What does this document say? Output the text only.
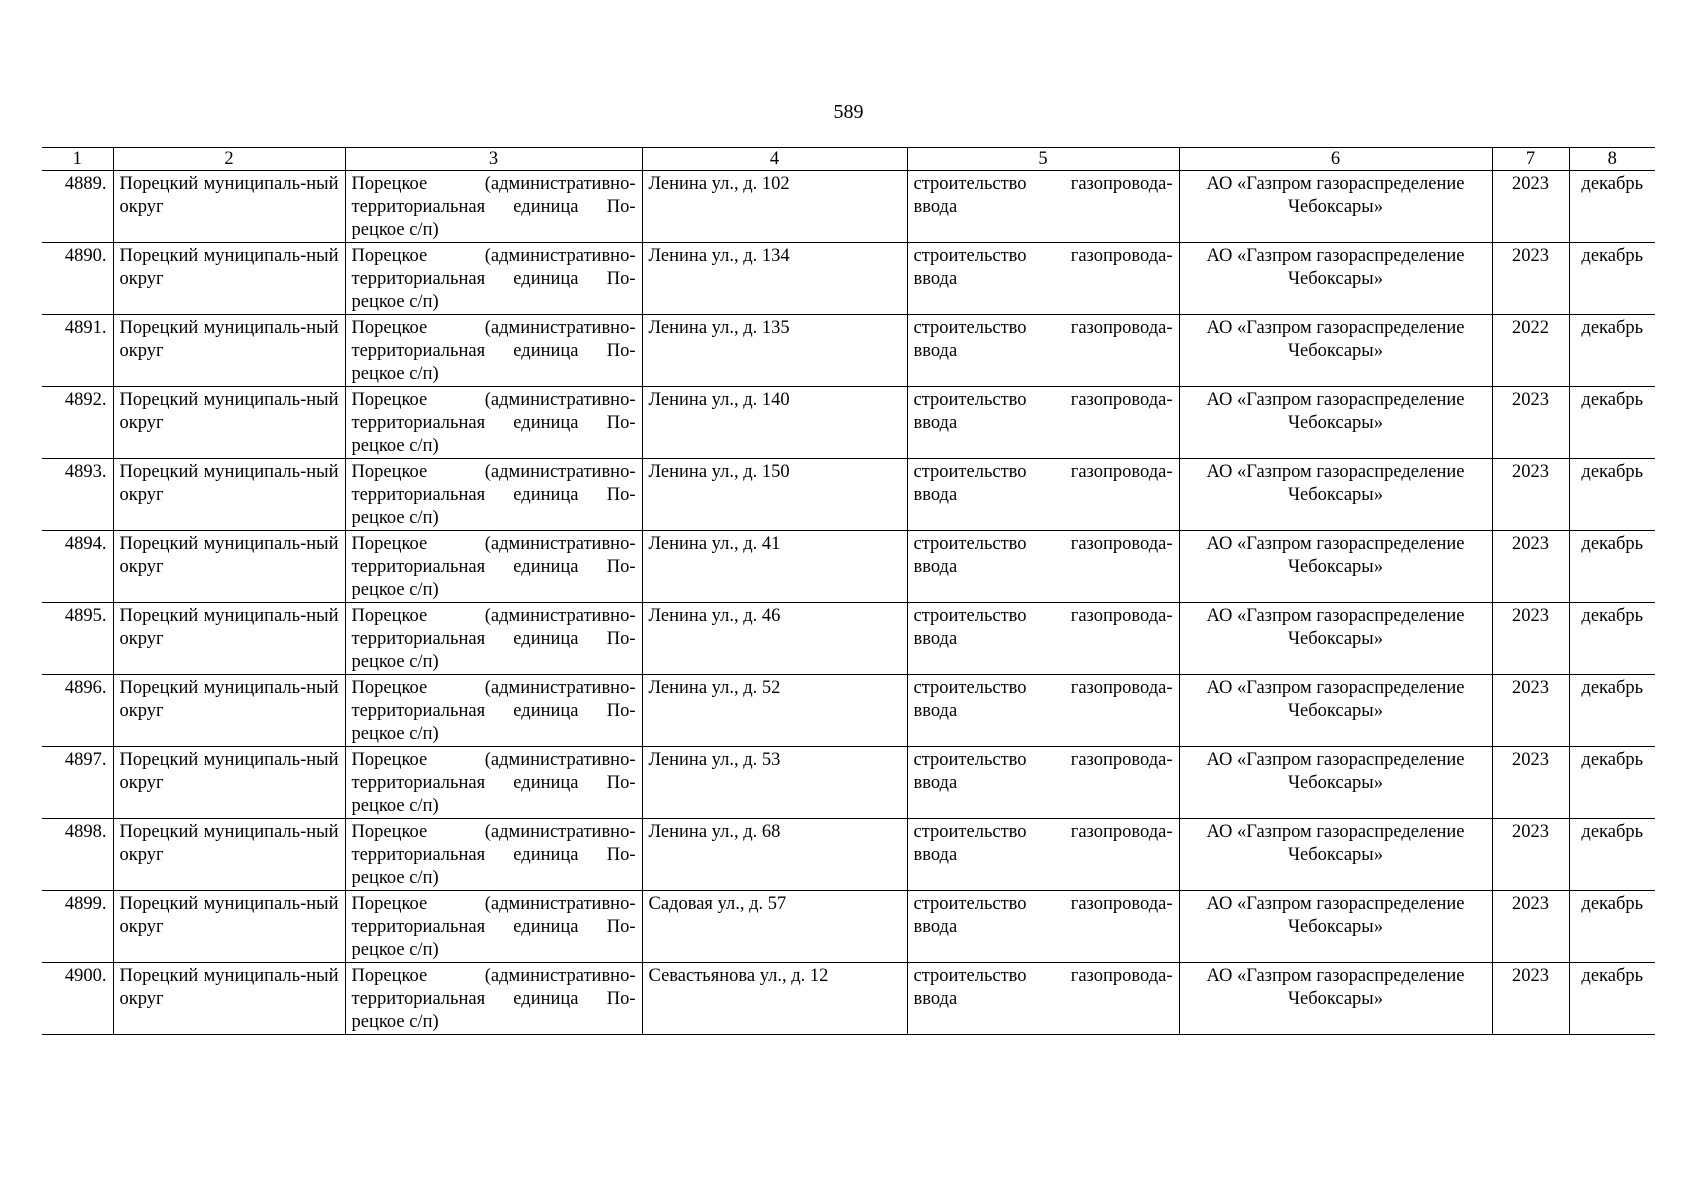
589
1	2	3	4	5	6	7	8
4889.	Порецкий муниципаль-ный округ	Порецкое (административно-территориальная единица По-рецкое с/п)	Ленина ул., д. 102	строительство газопровода-ввода	АО «Газпром газораспределение Чебоксары»	2023	декабрь
4890.	Порецкий муниципаль-ный округ	Порецкое (административно-территориальная единица По-рецкое с/п)	Ленина ул., д. 134	строительство газопровода-ввода	АО «Газпром газораспределение Чебоксары»	2023	декабрь
4891.	Порецкий муниципаль-ный округ	Порецкое (административно-территориальная единица По-рецкое с/п)	Ленина ул., д. 135	строительство газопровода-ввода	АО «Газпром газораспределение Чебоксары»	2022	декабрь
4892.	Порецкий муниципаль-ный округ	Порецкое (административно-территориальная единица По-рецкое с/п)	Ленина ул., д. 140	строительство газопровода-ввода	АО «Газпром газораспределение Чебоксары»	2023	декабрь
4893.	Порецкий муниципаль-ный округ	Порецкое (административно-территориальная единица По-рецкое с/п)	Ленина ул., д. 150	строительство газопровода-ввода	АО «Газпром газораспределение Чебоксары»	2023	декабрь
4894.	Порецкий муниципаль-ный округ	Порецкое (административно-территориальная единица По-рецкое с/п)	Ленина ул., д. 41	строительство газопровода-ввода	АО «Газпром газораспределение Чебоксары»	2023	декабрь
4895.	Порецкий муниципаль-ный округ	Порецкое (административно-территориальная единица По-рецкое с/п)	Ленина ул., д. 46	строительство газопровода-ввода	АО «Газпром газораспределение Чебоксары»	2023	декабрь
4896.	Порецкий муниципаль-ный округ	Порецкое (административно-территориальная единица По-рецкое с/п)	Ленина ул., д. 52	строительство газопровода-ввода	АО «Газпром газораспределение Чебоксары»	2023	декабрь
4897.	Порецкий муниципаль-ный округ	Порецкое (административно-территориальная единица По-рецкое с/п)	Ленина ул., д. 53	строительство газопровода-ввода	АО «Газпром газораспределение Чебоксары»	2023	декабрь
4898.	Порецкий муниципаль-ный округ	Порецкое (административно-территориальная единица По-рецкое с/п)	Ленина ул., д. 68	строительство газопровода-ввода	АО «Газпром газораспределение Чебоксары»	2023	декабрь
4899.	Порецкий муниципаль-ный округ	Порецкое (административно-территориальная единица По-рецкое с/п)	Садовая ул., д. 57	строительство газопровода-ввода	АО «Газпром газораспределение Чебоксары»	2023	декабрь
4900.	Порецкий муниципаль-ный округ	Порецкое (административно-территориальная единица По-рецкое с/п)	Севастьянова ул., д. 12	строительство газопровода-ввода	АО «Газпром газораспределение Чебоксары»	2023	декабрь
